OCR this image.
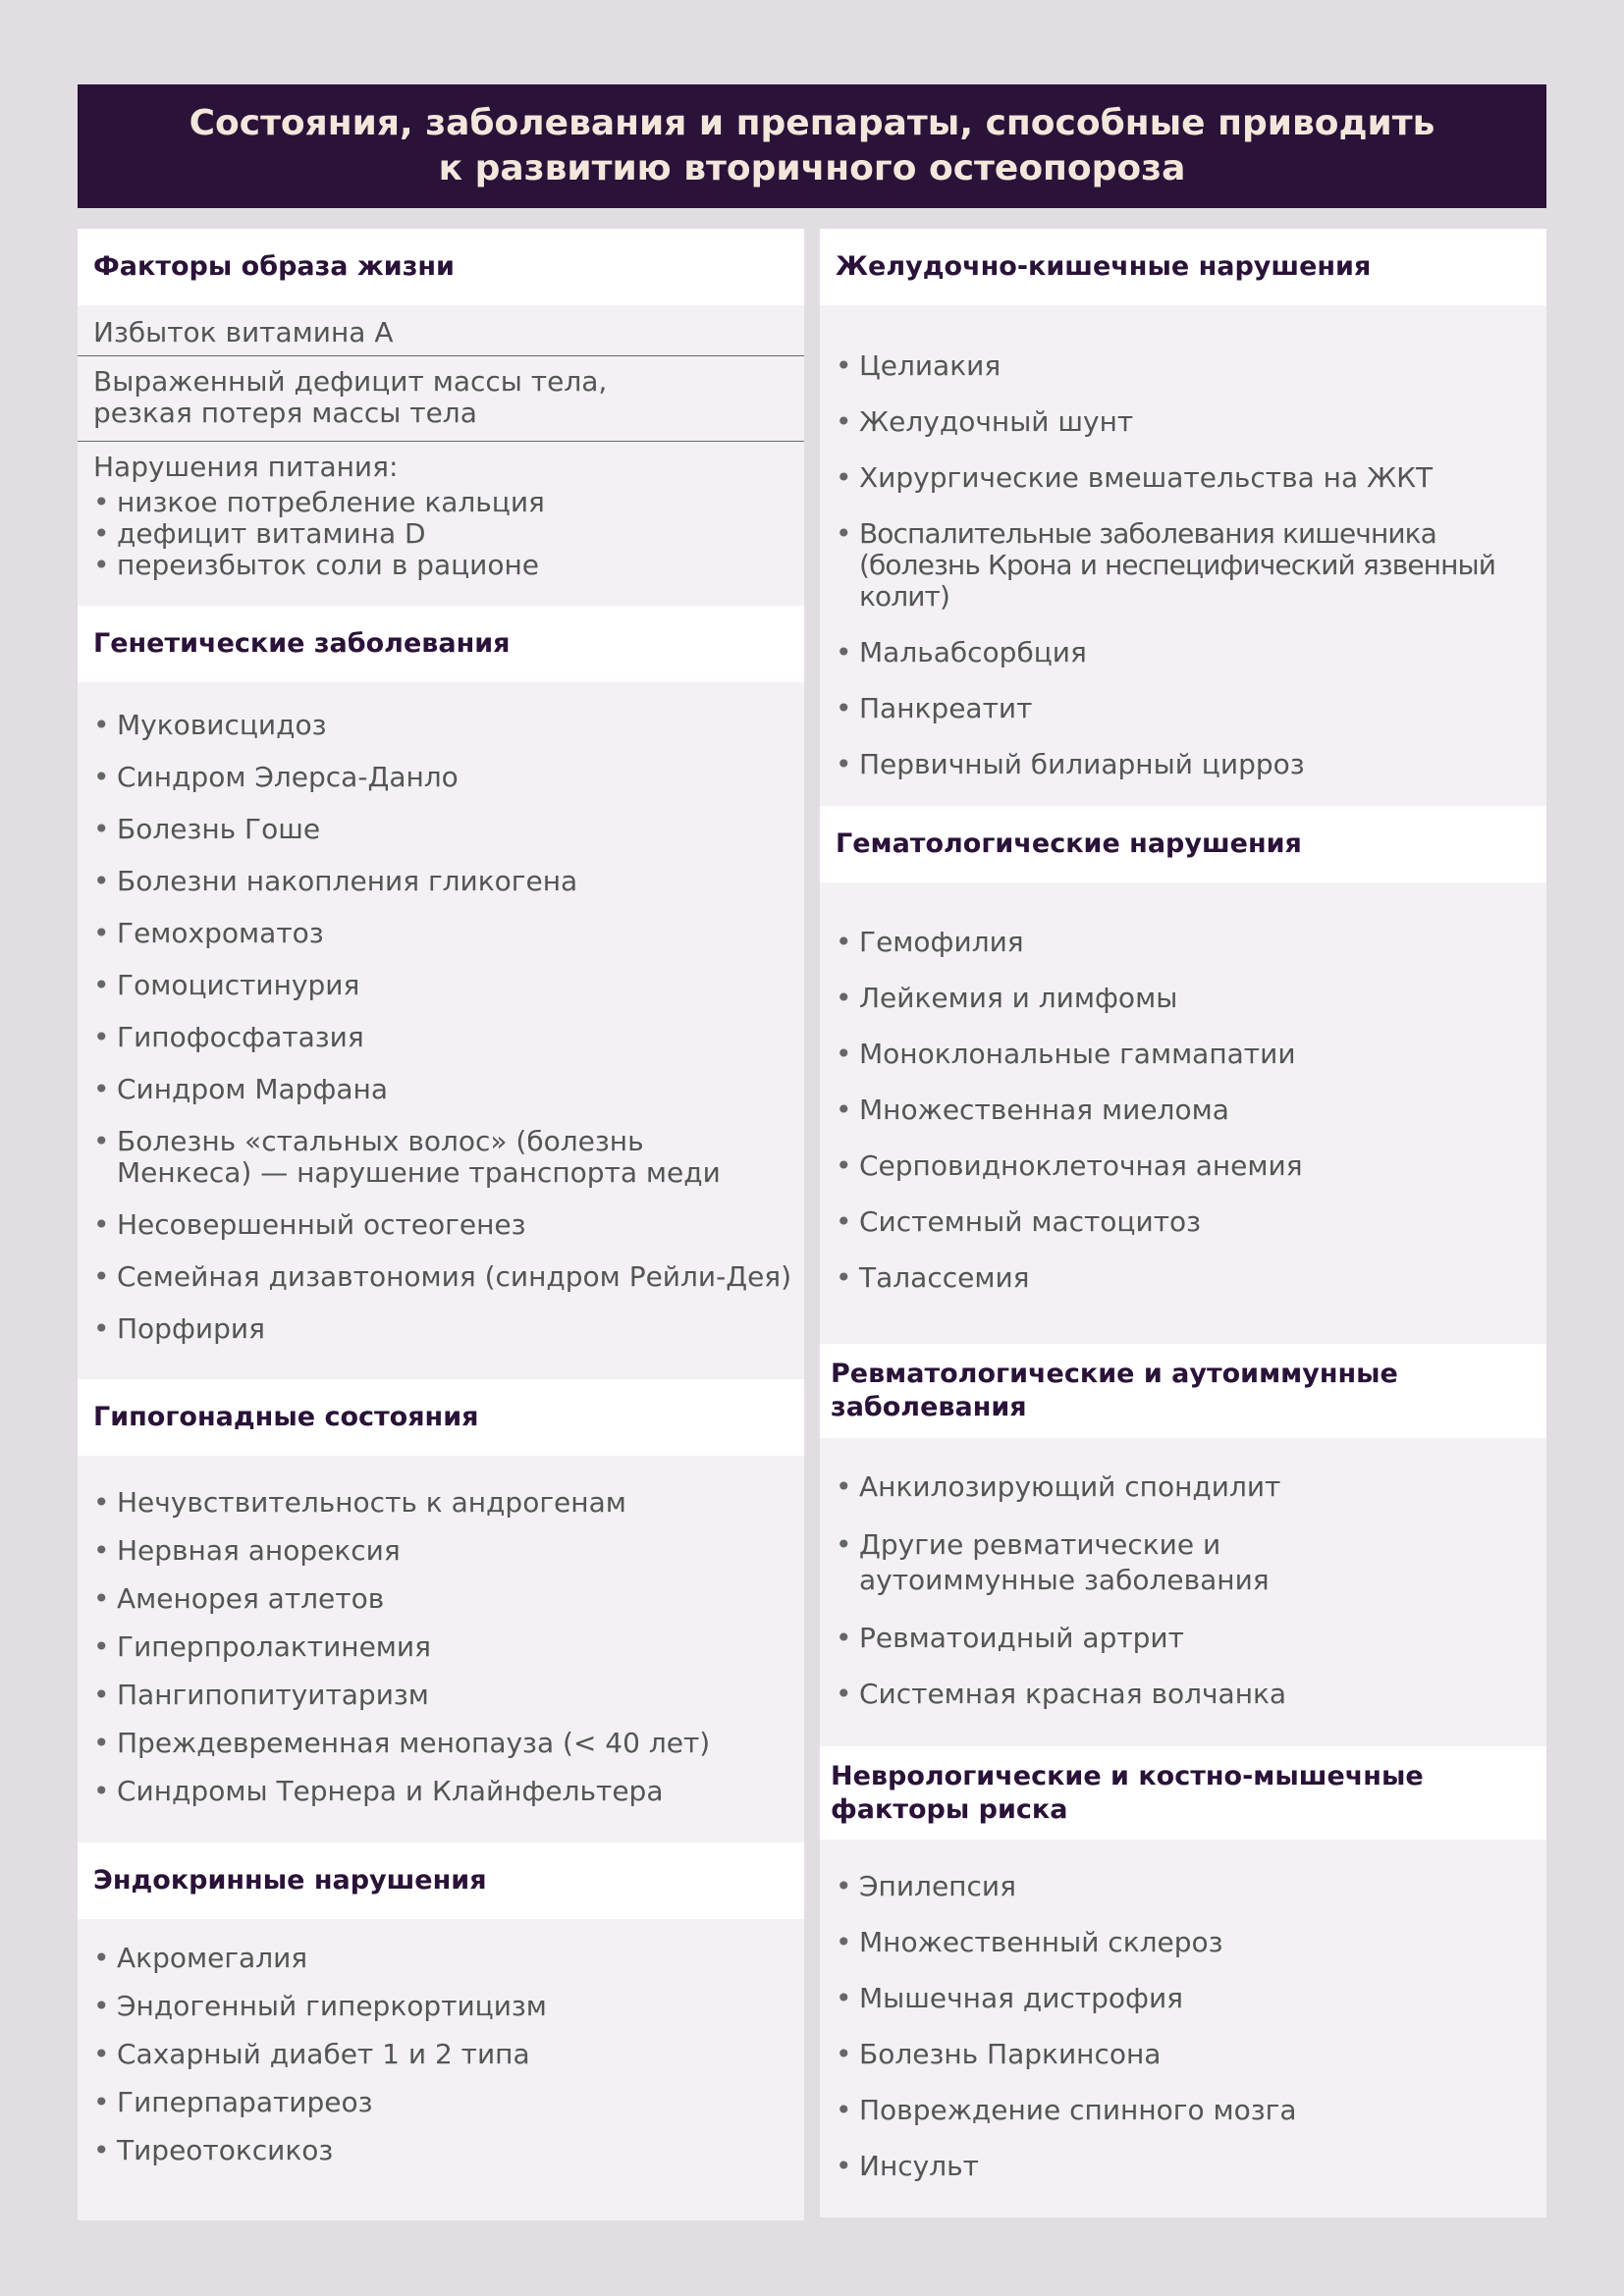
Состояния, заболевания и препараты, способные приводить
к развитию вторичного остеопороза
Факторы образа жизни
Избыток витамина А
Выраженный дефицит массы тела,
резкая потеря массы тела
Нарушения питания:
• низкое потребление кальция
• дефицит витамина D
• переизбыток соли в рационе
Генетические заболевания
• Муковисцидоз
• Синдром Элерса-Данло
• Болезнь Гоше
• Болезни накопления гликогена
• Гемохроматоз
• Гомоцистинурия
• Гипофосфатазия
• Синдром Марфана
• Болезнь «стальных волос» (болезнь Менкеса) — нарушение транспорта меди
• Несовершенный остеогенез
• Семейная дизавтономия (синдром Рейли-Дея)
• Порфирия
Гипогонадные состояния
• Нечувствительность к андрогенам
• Нервная анорексия
• Аменорея атлетов
• Гиперпролактинемия
• Пангипопитуитаризм
• Преждевременная менопауза (< 40 лет)
• Синдромы Тернера и Клайнфельтера
Эндокринные нарушения
• Акромегалия
• Эндогенный гиперкортицизм
• Сахарный диабет 1 и 2 типа
• Гиперпаратиреоз
• Тиреотоксикоз
Желудочно-кишечные нарушения
• Целиакия
• Желудочный шунт
• Хирургические вмешательства на ЖКТ
• Воспалительные заболевания кишечника (болезнь Крона и неспецифический язвенный колит)
• Мальабсорбция
• Панкреатит
• Первичный билиарный цирроз
Гематологические нарушения
• Гемофилия
• Лейкемия и лимфомы
• Моноклональные гаммапатии
• Множественная миелома
• Серповидноклеточная анемия
• Системный мастоцитоз
• Талассемия
Ревматологические и аутоиммунные
заболевания
• Анкилозирующий спондилит
• Другие ревматические и аутоиммунные заболевания
• Ревматоидный артрит
• Системная красная волчанка
Неврологические и костно-мышечные
факторы риска
• Эпилепсия
• Множественный склероз
• Мышечная дистрофия
• Болезнь Паркинсона
• Повреждение спинного мозга
• Инсульт
